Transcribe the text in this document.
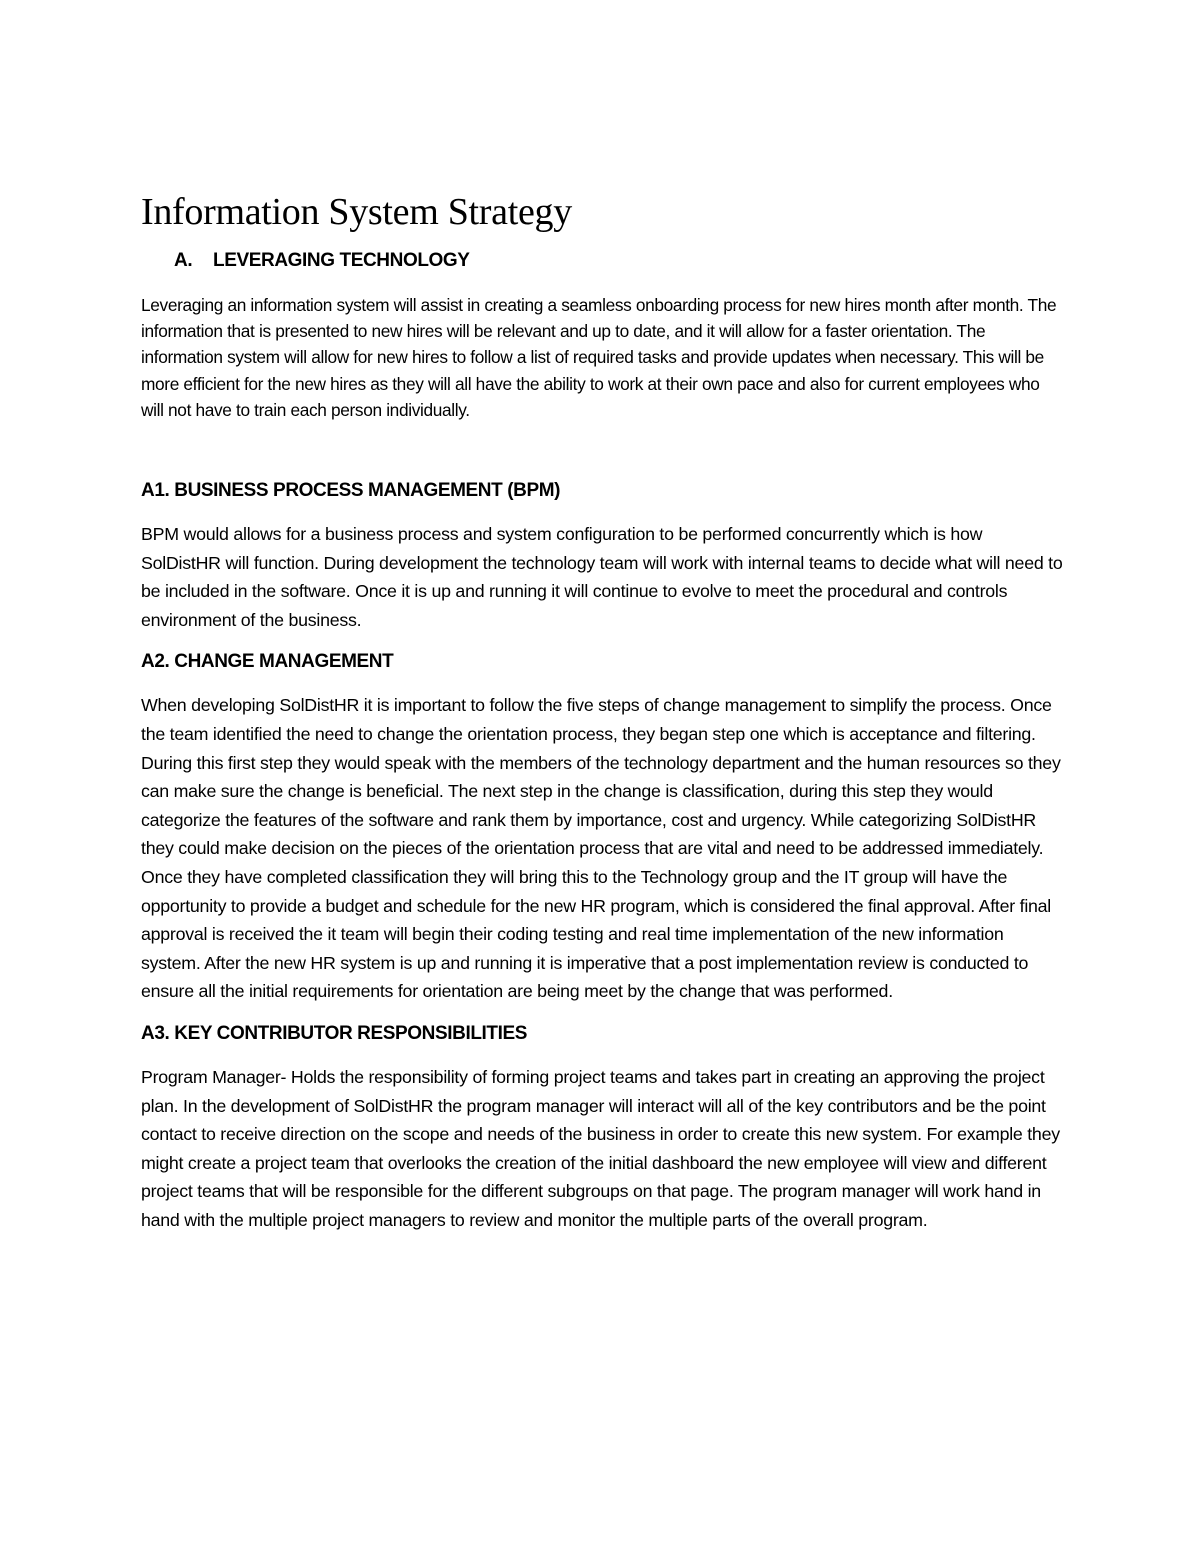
Information System Strategy
A. LEVERAGING TECHNOLOGY

Leveraging an information system will assist in creating a seamless onboarding process for new hires month after month. The information that is presented to new hires will be relevant and up to date, and it will allow for a faster orientation. The information system will allow for new hires to follow a list of required tasks and provide updates when necessary. This will be more efficient for the new hires as they will all have the ability to work at their own pace and also for current employees who will not have to train each person individually.

A1. BUSINESS PROCESS MANAGEMENT (BPM)

BPM would allows for a business process and system configuration to be performed concurrently which is how SolDistHR will function. During development the technology team will work with internal teams to decide what will need to be included in the software. Once it is up and running it will continue to evolve to meet the procedural and controls environment of the business.

A2. CHANGE MANAGEMENT

When developing SolDistHR it is important to follow the five steps of change management to simplify the process. Once the team identified the need to change the orientation process, they began step one which is acceptance and filtering. During this first step they would speak with the members of the technology department and the human resources so they can make sure the change is beneficial. The next step in the change is classification, during this step they would categorize the features of the software and rank them by importance, cost and urgency. While categorizing SolDistHR they could make decision on the pieces of the orientation process that are vital and need to be addressed immediately. Once they have completed classification they will bring this to the Technology group and the IT group will have the opportunity to provide a budget and schedule for the new HR program, which is considered the final approval. After final approval is received the it team will begin their coding testing and real time implementation of the new information system. After the new HR system is up and running it is imperative that a post implementation review is conducted to ensure all the initial requirements for orientation are being meet by the change that was performed.

A3. KEY CONTRIBUTOR RESPONSIBILITIES

Program Manager- Holds the responsibility of forming project teams and takes part in creating an approving the project plan. In the development of SolDistHR the program manager will interact will all of the key contributors and be the point contact to receive direction on the scope and needs of the business in order to create this new system. For example they might create a project team that overlooks the creation of the initial dashboard the new employee will view and different project teams that will be responsible for the different subgroups on that page. The program manager will work hand in hand with the multiple project managers to review and monitor the multiple parts of the overall program.
